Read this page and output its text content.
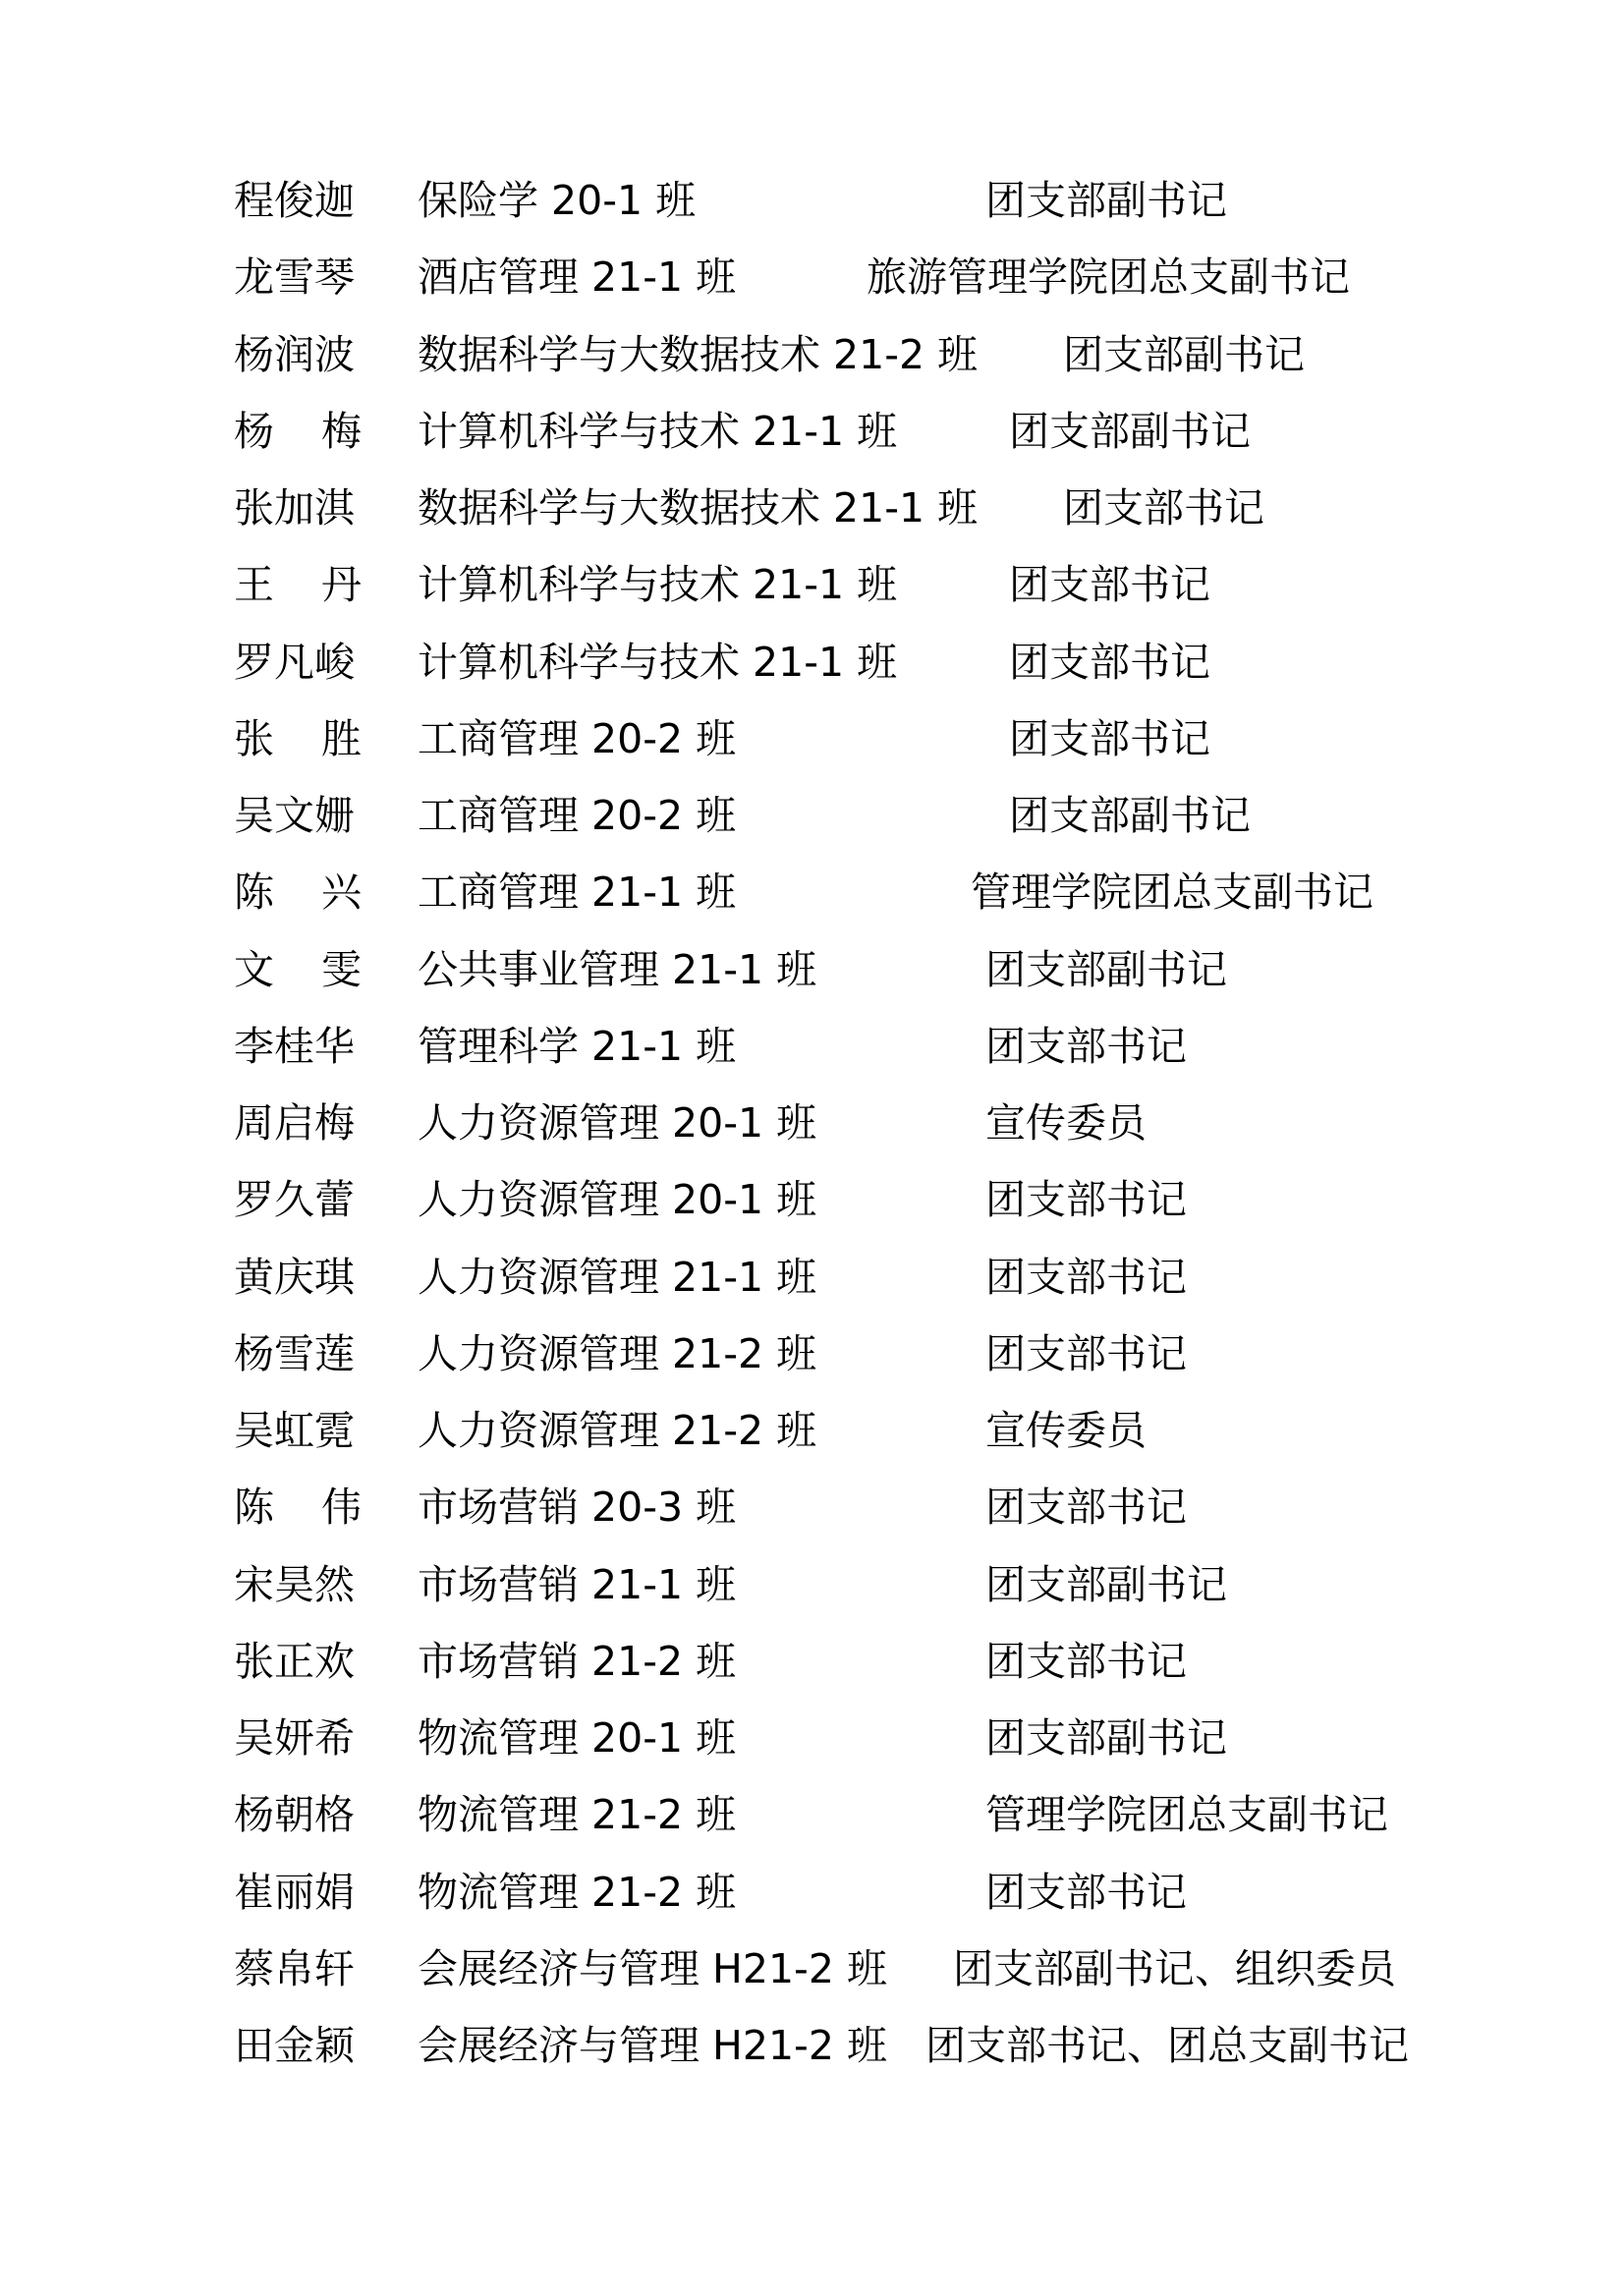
程俊迦 保险学 20-1 班	团支部副书记
龙雪琴 酒店管理 21-1 班	旅游管理学院团总支副书记
杨润波 数据科学与大数据技术 21-2 班 团支部副书记
杨 梅 计算机科学与技术 21-1 班	团支部副书记
张加淇 数据科学与大数据技术 21-1 班 团支部书记
王 丹 计算机科学与技术 21-1 班	团支部书记
罗凡峻 计算机科学与技术 21-1 班	团支部书记
张 胜 工商管理 20-2 班	团支部书记
吴文姗 工商管理 20-2 班	团支部副书记
陈 兴 工商管理 21-1 班	管理学院团总支副书记
文 雯 公共事业管理 21-1 班	团支部副书记
李桂华 管理科学 21-1 班	团支部书记
周启梅 人力资源管理 20-1 班	宣传委员
罗久蕾 人力资源管理 20-1 班	团支部书记
黄庆琪 人力资源管理 21-1 班	团支部书记
杨雪莲 人力资源管理 21-2 班	团支部书记
吴虹霓 人力资源管理 21-2 班	宣传委员
陈 伟 市场营销 20-3 班	团支部书记
宋昊然 市场营销 21-1 班	团支部副书记
张正欢 市场营销 21-2 班	团支部书记
吴妍希 物流管理 20-1 班	团支部副书记
杨朝格 物流管理 21-2 班	管理学院团总支副书记
崔丽娟 物流管理 21-2 班	团支部书记
蔡帛轩 会展经济与管理 H21-2 班 团支部副书记、组织委员
田金颖 会展经济与管理 H21-2 班 团支部书记、团总支副书记
